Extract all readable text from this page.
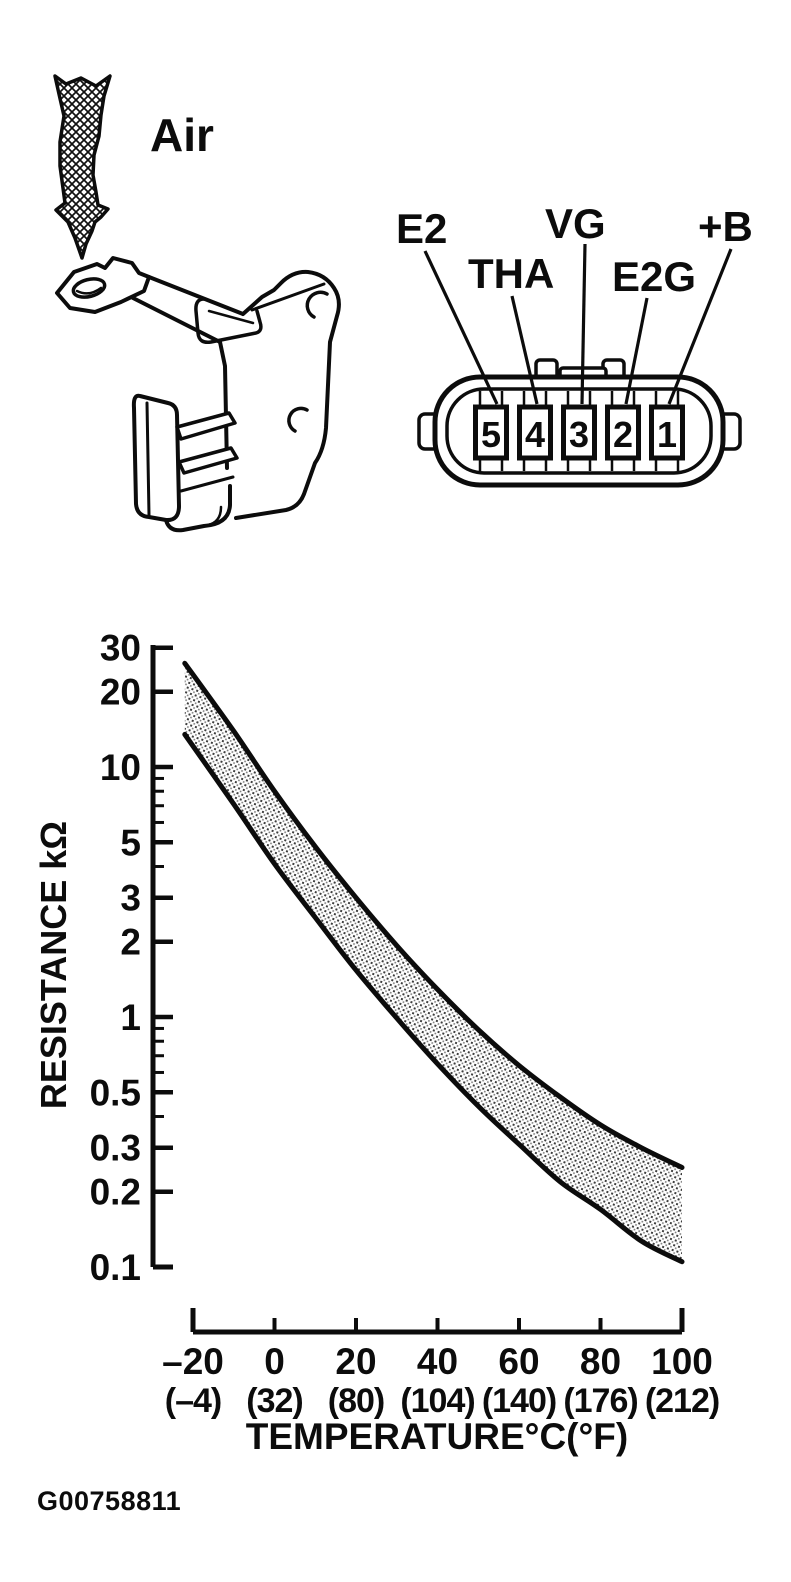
Air
5 4 3 2 1
E2
THA
VG
E2G
+B
30
20
10
5
3
2
1
0.5
0.3
0.2
0.1
–20
(–4)
0
(32)
20
(80)
40
(104)
60
(140)
80
(176)
100
(212)
RESISTANCE kΩ
TEMPERATURE°C(°F)
G00758811
